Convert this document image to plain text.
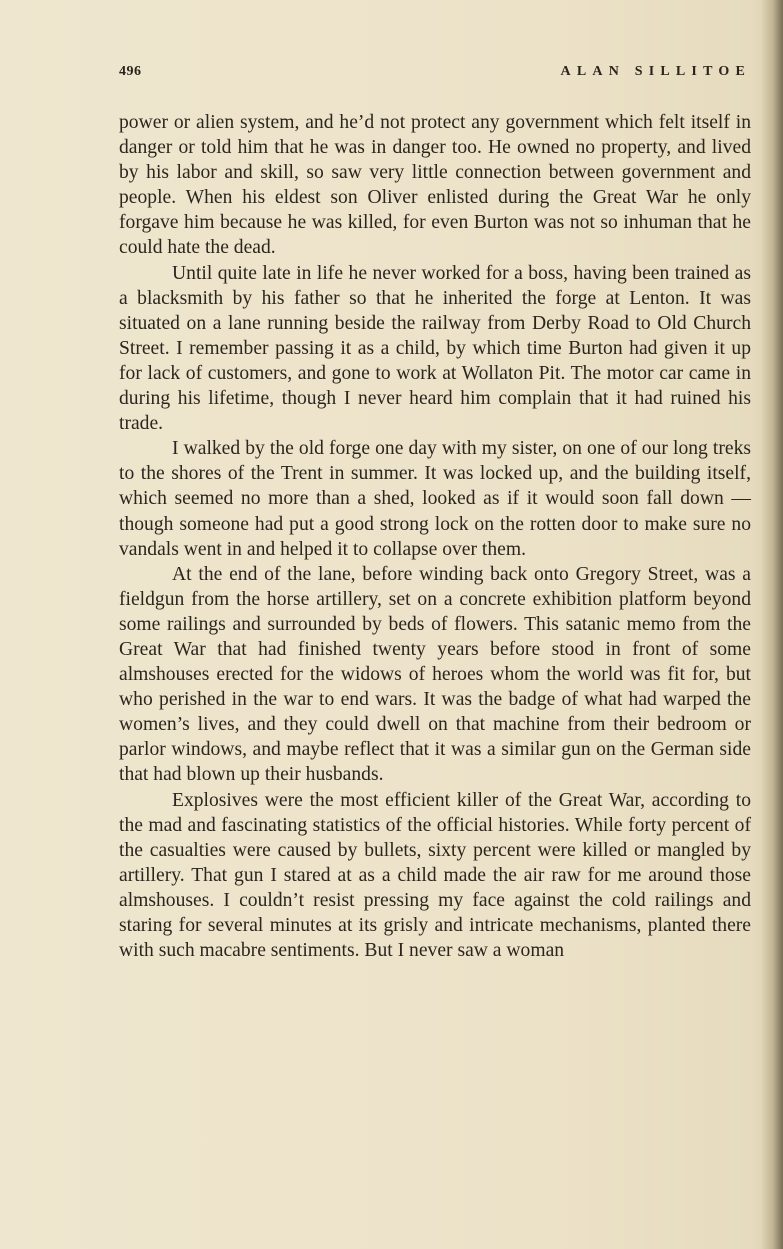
496	ALAN SILLITOE

power or alien system, and he’d not protect any government which felt itself in danger or told him that he was in danger too. He owned no property, and lived by his labor and skill, so saw very little connection between government and people. When his eldest son Oliver enlisted during the Great War he only forgave him because he was killed, for even Burton was not so inhuman that he could hate the dead.

Until quite late in life he never worked for a boss, having been trained as a blacksmith by his father so that he inherited the forge at Lenton. It was situated on a lane running beside the railway from Derby Road to Old Church Street. I remember passing it as a child, by which time Burton had given it up for lack of customers, and gone to work at Wollaton Pit. The motor car came in during his lifetime, though I never heard him complain that it had ruined his trade.

I walked by the old forge one day with my sister, on one of our long treks to the shores of the Trent in summer. It was locked up, and the building itself, which seemed no more than a shed, looked as if it would soon fall down — though someone had put a good strong lock on the rotten door to make sure no vandals went in and helped it to collapse over them.

At the end of the lane, before winding back onto Gregory Street, was a fieldgun from the horse artillery, set on a concrete exhibition platform beyond some railings and surrounded by beds of flowers. This satanic memo from the Great War that had finished twenty years before stood in front of some almshouses erected for the widows of heroes whom the world was fit for, but who perished in the war to end wars. It was the badge of what had warped the women’s lives, and they could dwell on that machine from their bedroom or parlor windows, and maybe reflect that it was a similar gun on the German side that had blown up their husbands.

Explosives were the most efficient killer of the Great War, according to the mad and fascinating statistics of the official histories. While forty percent of the casualties were caused by bullets, sixty percent were killed or mangled by artillery. That gun I stared at as a child made the air raw for me around those almshouses. I couldn’t resist pressing my face against the cold railings and staring for several minutes at its grisly and intricate mechanisms, planted there with such macabre sentiments. But I never saw a woman
